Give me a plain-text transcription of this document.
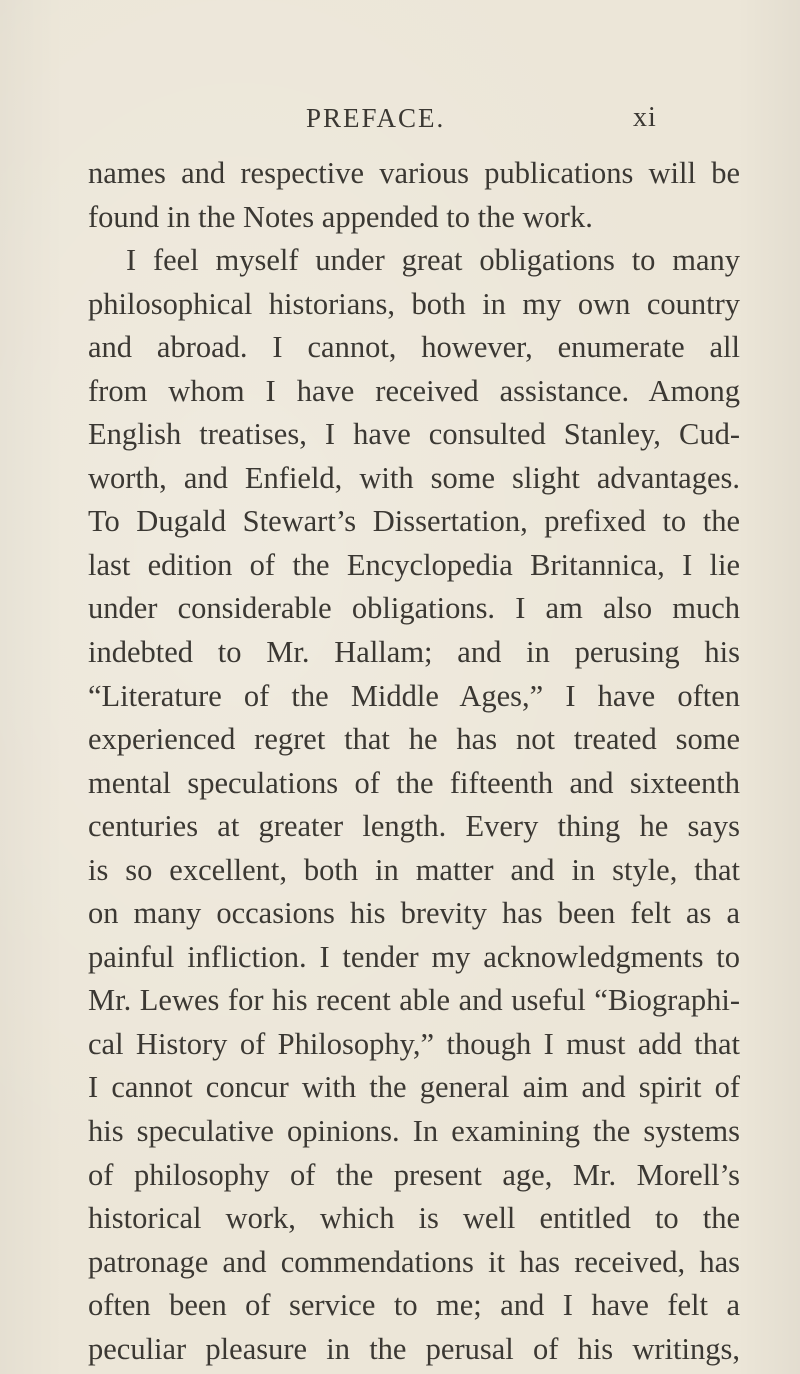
PREFACE.	xi
names and respective various publications will be
found in the Notes appended to the work.
I feel myself under great obligations to many
philosophical historians, both in my own country
and abroad. I cannot, however, enumerate all
from whom I have received assistance. Among
English treatises, I have consulted Stanley, Cud-
worth, and Enfield, with some slight advantages.
To Dugald Stewart’s Dissertation, prefixed to the
last edition of the Encyclopedia Britannica, I lie
under considerable obligations. I am also much
indebted to Mr. Hallam; and in perusing his
“Literature of the Middle Ages,” I have often
experienced regret that he has not treated some
mental speculations of the fifteenth and sixteenth
centuries at greater length. Every thing he says
is so excellent, both in matter and in style, that
on many occasions his brevity has been felt as a
painful infliction. I tender my acknowledgments to
Mr. Lewes for his recent able and useful “Biographi-
cal History of Philosophy,” though I must add that
I cannot concur with the general aim and spirit of
his speculative opinions. In examining the systems
of philosophy of the present age, Mr. Morell’s
historical work, which is well entitled to the
patronage and commendations it has received, has
often been of service to me; and I have felt a
peculiar pleasure in the perusal of his writings,
